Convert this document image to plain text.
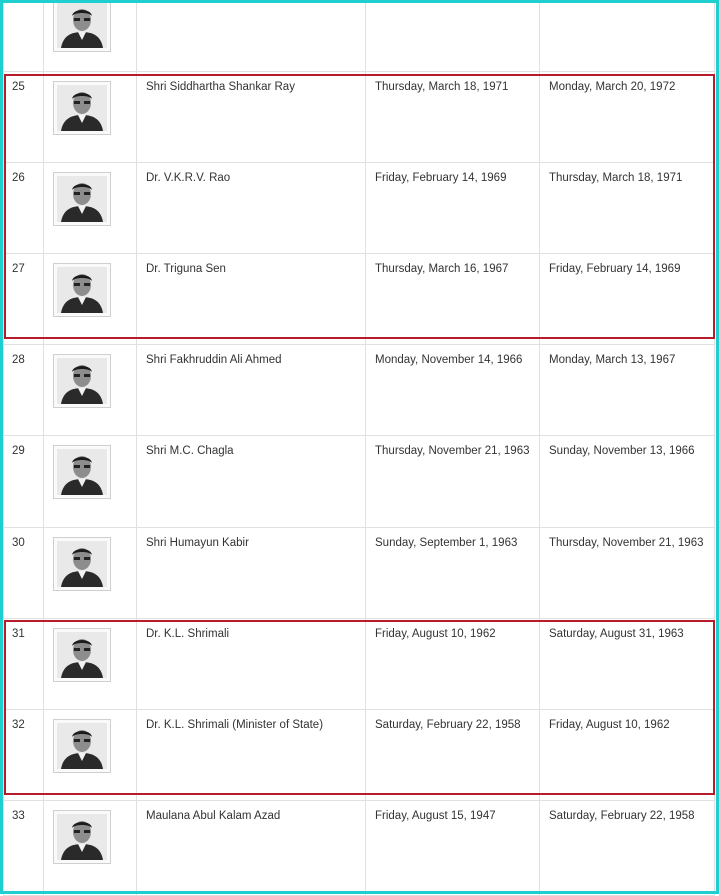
25		Shri Siddhartha Shankar Ray	Thursday, March 18, 1971	Monday, March 20, 1972
26		Dr. V.K.R.V. Rao	Friday, February 14, 1969	Thursday, March 18, 1971
27		Dr. Triguna Sen	Thursday, March 16, 1967	Friday, February 14, 1969
28		Shri Fakhruddin Ali Ahmed	Monday, November 14, 1966	Monday, March 13, 1967
29		Shri M.C. Chagla	Thursday, November 21, 1963	Sunday, November 13, 1966
30		Shri Humayun Kabir	Sunday, September 1, 1963	Thursday, November 21, 1963
31		Dr. K.L. Shrimali	Friday, August 10, 1962	Saturday, August 31, 1963
32		Dr. K.L. Shrimali (Minister of State)	Saturday, February 22, 1958	Friday, August 10, 1962
33		Maulana Abul Kalam Azad	Friday, August 15, 1947	Saturday, February 22, 1958
